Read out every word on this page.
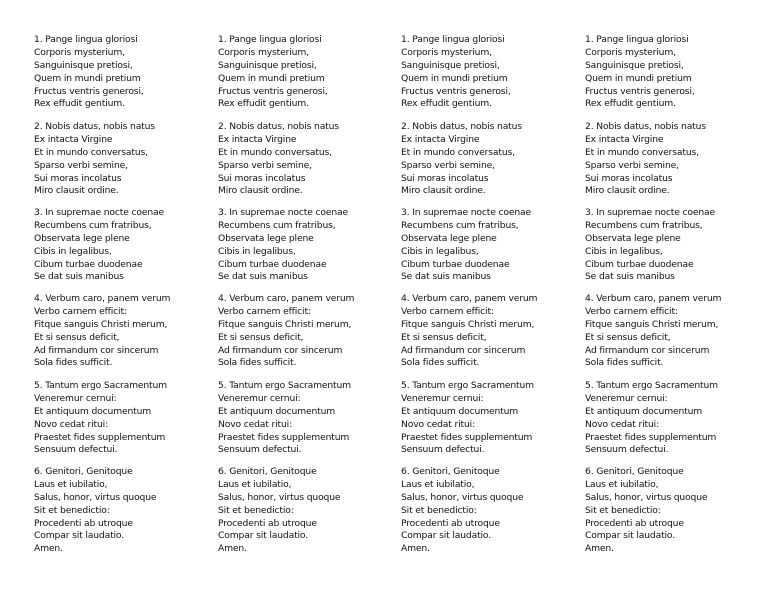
1. Pange lingua gloriosi
Corporis mysterium,
Sanguinisque pretiosi,
Quem in mundi pretium
Fructus ventris generosi,
Rex effudit gentium.
2. Nobis datus, nobis natus
Ex intacta Virgine
Et in mundo conversatus,
Sparso verbi semine,
Sui moras incolatus
Miro clausit ordine.
3. In supremae nocte coenae
Recumbens cum fratribus,
Observata lege plene
Cibis in legalibus,
Cibum turbae duodenae
Se dat suis manibus
4. Verbum caro, panem verum
Verbo carnem efficit:
Fitque sanguis Christi merum,
Et si sensus deficit,
Ad firmandum cor sincerum
Sola fides sufficit.
5. Tantum ergo Sacramentum
Veneremur cernui:
Et antiquum documentum
Novo cedat ritui:
Praestet fides supplementum
Sensuum defectui.
6. Genitori, Genitoque
Laus et iubilatio,
Salus, honor, virtus quoque
Sit et benedictio:
Procedenti ab utroque
Compar sit laudatio.
Amen.
1. Pange lingua gloriosi
Corporis mysterium,
Sanguinisque pretiosi,
Quem in mundi pretium
Fructus ventris generosi,
Rex effudit gentium.
2. Nobis datus, nobis natus
Ex intacta Virgine
Et in mundo conversatus,
Sparso verbi semine,
Sui moras incolatus
Miro clausit ordine.
3. In supremae nocte coenae
Recumbens cum fratribus,
Observata lege plene
Cibis in legalibus,
Cibum turbae duodenae
Se dat suis manibus
4. Verbum caro, panem verum
Verbo carnem efficit:
Fitque sanguis Christi merum,
Et si sensus deficit,
Ad firmandum cor sincerum
Sola fides sufficit.
5. Tantum ergo Sacramentum
Veneremur cernui:
Et antiquum documentum
Novo cedat ritui:
Praestet fides supplementum
Sensuum defectui.
6. Genitori, Genitoque
Laus et iubilatio,
Salus, honor, virtus quoque
Sit et benedictio:
Procedenti ab utroque
Compar sit laudatio.
Amen.
1. Pange lingua gloriosi
Corporis mysterium,
Sanguinisque pretiosi,
Quem in mundi pretium
Fructus ventris generosi,
Rex effudit gentium.
2. Nobis datus, nobis natus
Ex intacta Virgine
Et in mundo conversatus,
Sparso verbi semine,
Sui moras incolatus
Miro clausit ordine.
3. In supremae nocte coenae
Recumbens cum fratribus,
Observata lege plene
Cibis in legalibus,
Cibum turbae duodenae
Se dat suis manibus
4. Verbum caro, panem verum
Verbo carnem efficit:
Fitque sanguis Christi merum,
Et si sensus deficit,
Ad firmandum cor sincerum
Sola fides sufficit.
5. Tantum ergo Sacramentum
Veneremur cernui:
Et antiquum documentum
Novo cedat ritui:
Praestet fides supplementum
Sensuum defectui.
6. Genitori, Genitoque
Laus et iubilatio,
Salus, honor, virtus quoque
Sit et benedictio:
Procedenti ab utroque
Compar sit laudatio.
Amen.
1. Pange lingua gloriosi
Corporis mysterium,
Sanguinisque pretiosi,
Quem in mundi pretium
Fructus ventris generosi,
Rex effudit gentium.
2. Nobis datus, nobis natus
Ex intacta Virgine
Et in mundo conversatus,
Sparso verbi semine,
Sui moras incolatus
Miro clausit ordine.
3. In supremae nocte coenae
Recumbens cum fratribus,
Observata lege plene
Cibis in legalibus,
Cibum turbae duodenae
Se dat suis manibus
4. Verbum caro, panem verum
Verbo carnem efficit:
Fitque sanguis Christi merum,
Et si sensus deficit,
Ad firmandum cor sincerum
Sola fides sufficit.
5. Tantum ergo Sacramentum
Veneremur cernui:
Et antiquum documentum
Novo cedat ritui:
Praestet fides supplementum
Sensuum defectui.
6. Genitori, Genitoque
Laus et iubilatio,
Salus, honor, virtus quoque
Sit et benedictio:
Procedenti ab utroque
Compar sit laudatio.
Amen.
